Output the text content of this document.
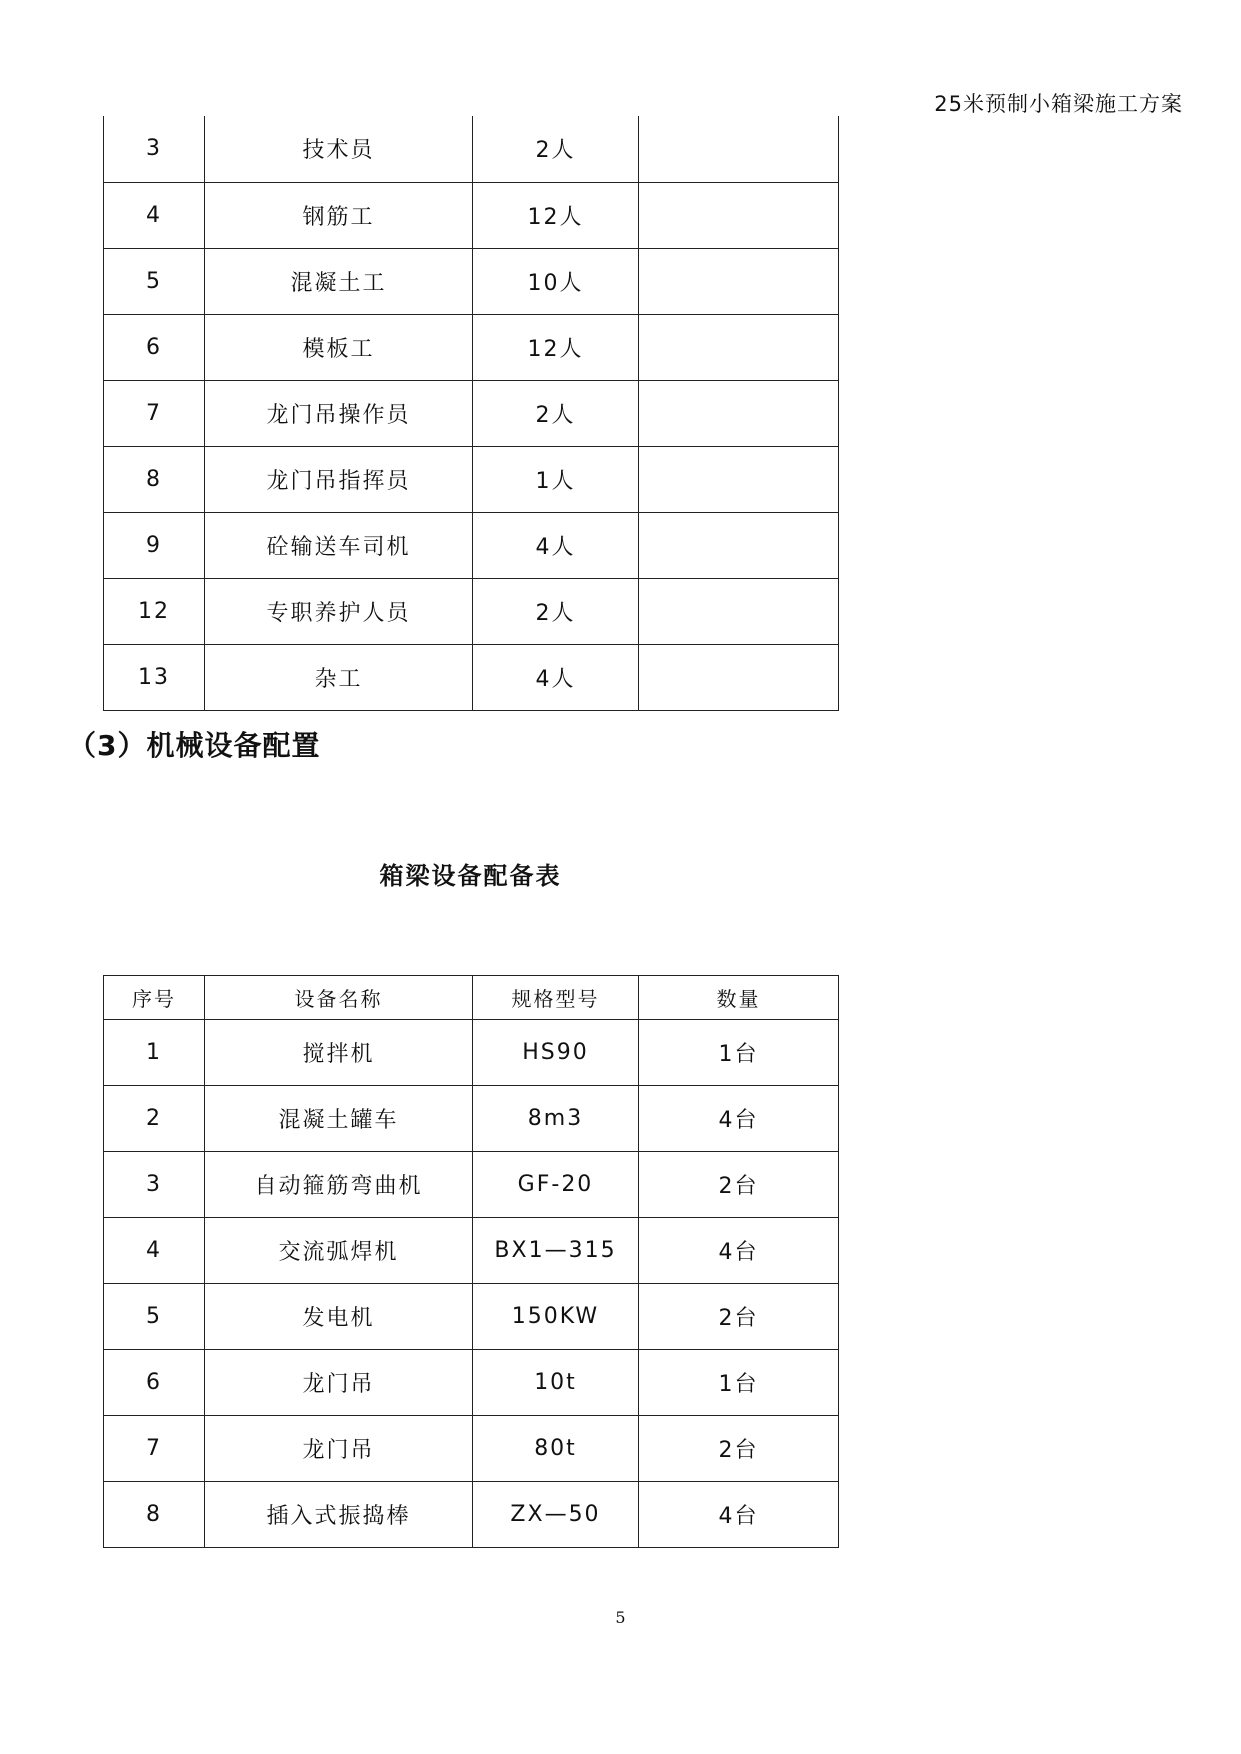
25米预制小箱梁施工方案
3	技术员	2人	
4	钢筋工	12人	
5	混凝土工	10人	
6	模板工	12人	
7	龙门吊操作员	2人	
8	龙门吊指挥员	1人	
9	砼输送车司机	4人	
12	专职养护人员	2人	
13	杂工	4人	
（3）机械设备配置
箱梁设备配备表
序号	设备名称	规格型号	数量
1	搅拌机	HS90	1台
2	混凝土罐车	8m3	4台
3	自动箍筋弯曲机	GF-20	2台
4	交流弧焊机	BX1—315	4台
5	发电机	150KW	2台
6	龙门吊	10t	1台
7	龙门吊	80t	2台
8	插入式振捣棒	ZX—50	4台
5
